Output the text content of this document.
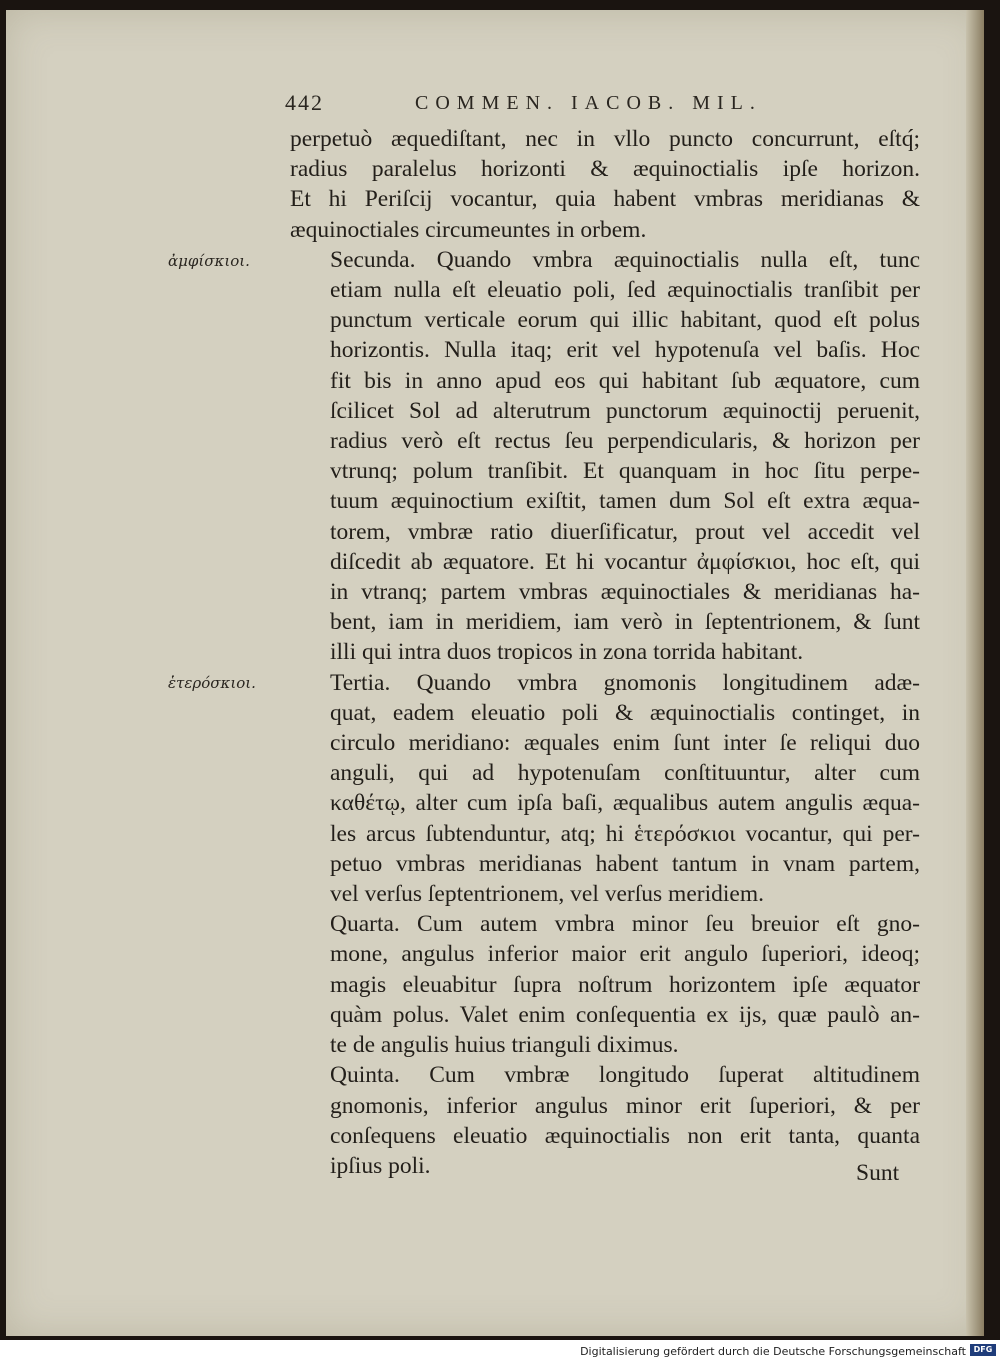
442	COMMEN. IACOB. MIL.
ἀμφίσκιοι.
ἑτερόσκιοι.

perpetuò æquediſtant, nec in vllo puncto concurrunt, eſtq́;
radius paralelus horizonti & æquinoctialis ipſe horizon.
Et hi Periſcij vocantur, quia habent vmbras meridianas &
æquinoctiales circumeuntes in orbem.

Secunda. Quando vmbra æquinoctialis nulla eſt, tunc
etiam nulla eſt eleuatio poli, ſed æquinoctialis tranſibit per
punctum verticale eorum qui illic habitant, quod eſt polus
horizontis. Nulla itaq; erit vel hypotenuſa vel baſis. Hoc
fit bis in anno apud eos qui habitant ſub æquatore, cum
ſcilicet Sol ad alterutrum punctorum æquinoctij peruenit,
radius verò eſt rectus ſeu perpendicularis, & horizon per
vtrunq; polum tranſibit. Et quanquam in hoc ſitu perpe-
tuum æquinoctium exiſtit, tamen dum Sol eſt extra æqua-
torem, vmbræ ratio diuerſificatur, prout vel accedit vel
diſcedit ab æquatore. Et hi vocantur ἀμφίσκιοι, hoc eſt, qui
in vtranq; partem vmbras æquinoctiales & meridianas ha-
bent, iam in meridiem, iam verò in ſeptentrionem, & ſunt
illi qui intra duos tropicos in zona torrida habitant.

Tertia. Quando vmbra gnomonis longitudinem adæ-
quat, eadem eleuatio poli & æquinoctialis continget, in
circulo meridiano: æquales enim ſunt inter ſe reliqui duo
anguli, qui ad hypotenuſam conſtituuntur, alter cum
καθέτῳ, alter cum ipſa baſi, æqualibus autem angulis æqua-
les arcus ſubtenduntur, atq; hi ἑτερόσκιοι vocantur, qui per-
petuo vmbras meridianas habent tantum in vnam partem,
vel verſus ſeptentrionem, vel verſus meridiem.

Quarta. Cum autem vmbra minor ſeu breuior eſt gno-
mone, angulus inferior maior erit angulo ſuperiori, ideoq;
magis eleuabitur ſupra noſtrum horizontem ipſe æquator
quàm polus. Valet enim conſequentia ex ijs, quæ paulò an-
te de angulis huius trianguli diximus.

Quinta. Cum vmbræ longitudo ſuperat altitudinem
gnomonis, inferior angulus minor erit ſuperiori, & per
conſequens eleuatio æquinoctialis non erit tanta, quanta
ipſius poli.	Sunt
Digitalisierung gefördert durch die Deutsche Forschungsgemeinschaft DFG
